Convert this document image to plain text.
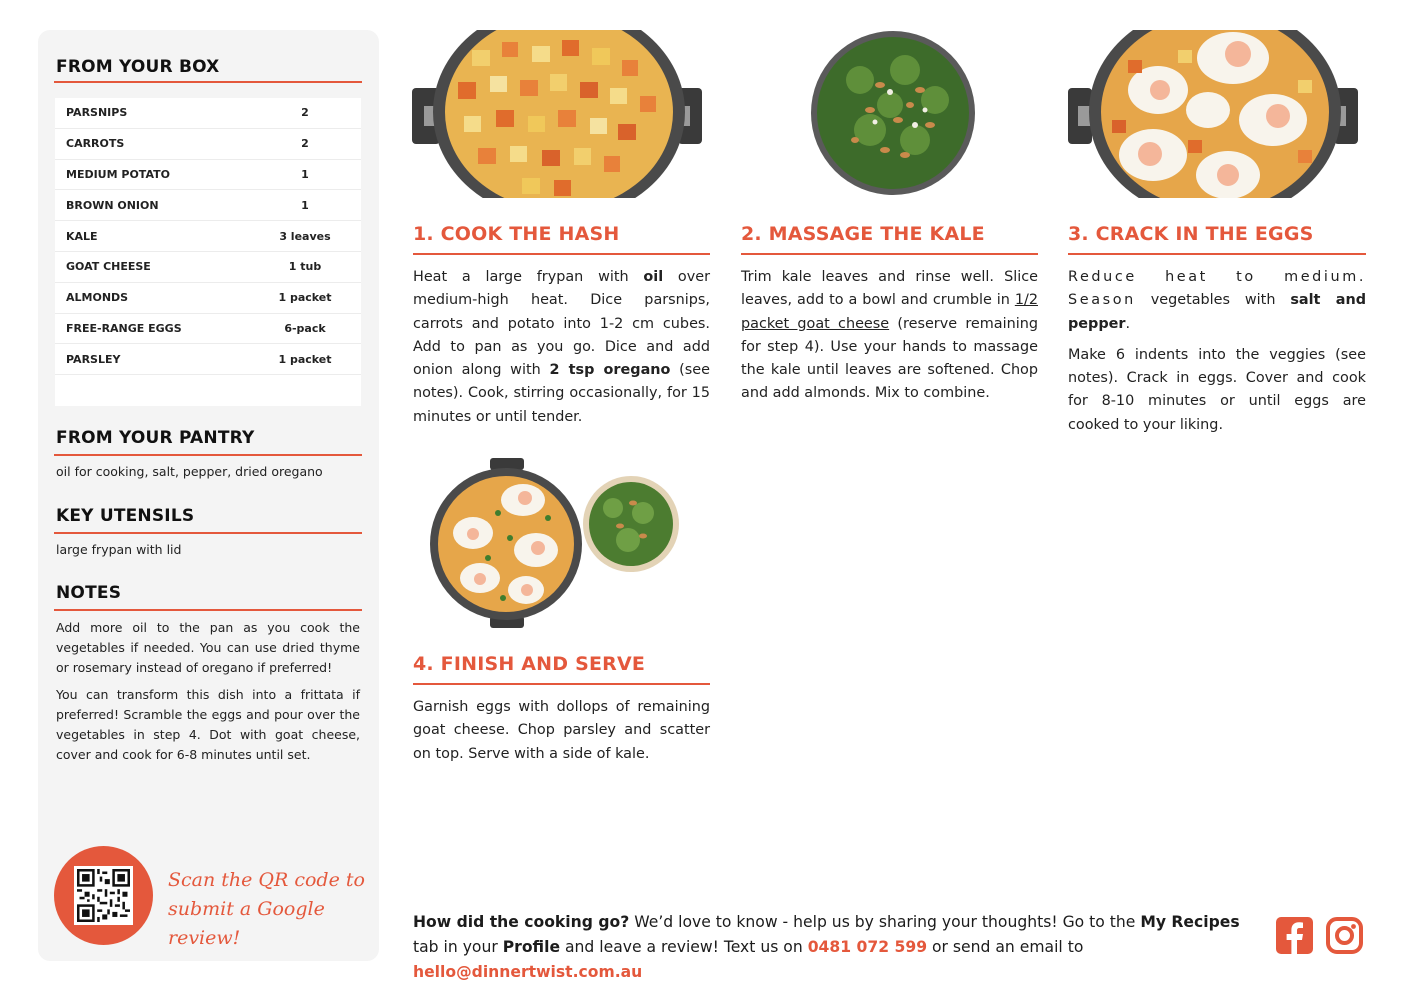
FROM YOUR BOX
PARSNIPS	2
CARROTS	2
MEDIUM POTATO	1
BROWN ONION	1
KALE	3 leaves
GOAT CHEESE	1 tub
ALMONDS	1 packet
FREE-RANGE EGGS	6-pack
PARSLEY	1 packet
FROM YOUR PANTRY
oil for cooking, salt, pepper, dried oregano
KEY UTENSILS
large frypan with lid
NOTES

Add more oil to the pan as you cook the vegetables if needed. You can use dried thyme or rosemary instead of oregano if preferred!

You can transform this dish into a frittata if preferred! Scramble the eggs and pour over the vegetables in step 4. Dot with goat cheese, cover and cook for 6-8 minutes until set.

Scan the QR code to
submit a Google review!
1. COOK THE HASH

Heat a large frypan with oil over medium-high heat. Dice parsnips, carrots and potato into 1-2 cm cubes. Add to pan as you go. Dice and add onion along with 2 tsp oregano (see notes). Cook, stirring occasionally, for 15 minutes or until tender.

2. MASSAGE THE KALE

Trim kale leaves and rinse well. Slice leaves, add to a bowl and crumble in 1/2 packet goat cheese (reserve remaining for step 4). Use your hands to massage the kale until leaves are softened. Chop and add almonds. Mix to combine.

3. CRACK IN THE EGGS

Reduce heat to medium. Season vegetables with salt and pepper.

Make 6 indents into the veggies (see notes). Crack in eggs. Cover and cook for 8-10 minutes or until eggs are cooked to your liking.

4. FINISH AND SERVE

Garnish eggs with dollops of remaining goat cheese. Chop parsley and scatter on top. Serve with a side of kale.

How did the cooking go? We’d love to know - help us by sharing your thoughts! Go to the My Recipes tab in your Profile and leave a review! Text us on 0481 072 599 or send an email to hello@dinnertwist.com.au
